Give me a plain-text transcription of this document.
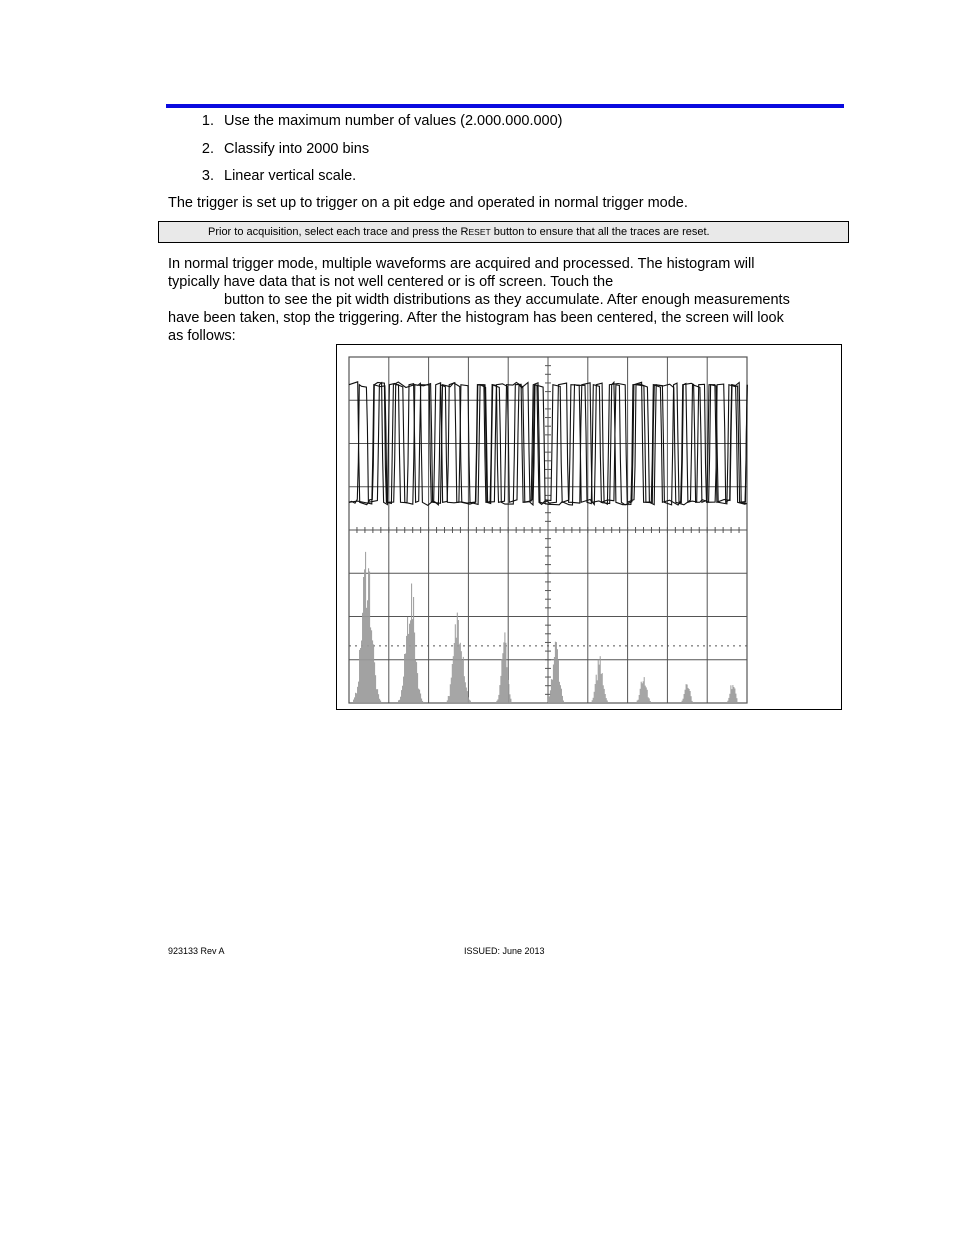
1. Use the maximum number of values (2.000.000.000)
2. Classify into 2000 bins
3. Linear vertical scale.

The trigger is set up to trigger on a pit edge and operated in normal trigger mode.

Prior to acquisition, select each trace and press the RESET button to ensure that all the traces are reset.
In normal trigger mode, multiple waveforms are acquired and processed. The histogram will
typically have data that is not well centered or is off screen. Touch the
button to see the pit width distributions as they accumulate. After enough measurements
have been taken, stop the triggering. After the histogram has been centered, the screen will look
as follows:
923133 Rev A	ISSUED: June 2013
